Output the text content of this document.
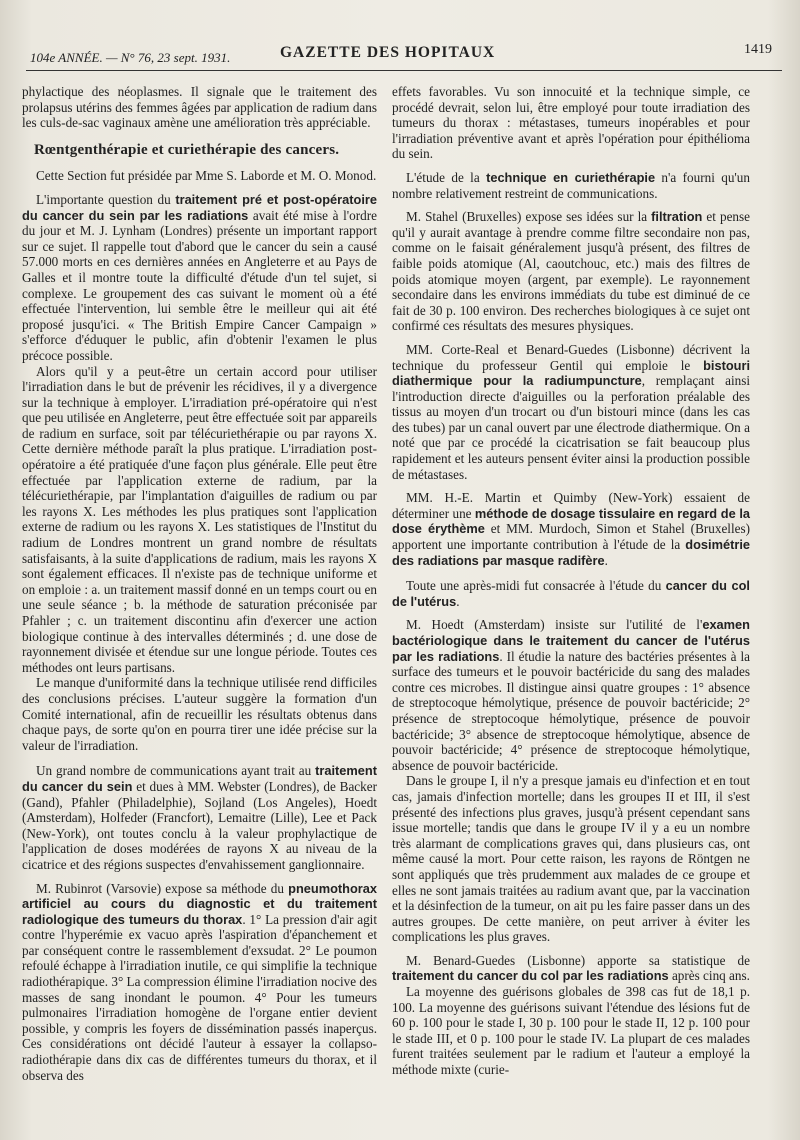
104e ANNÉE. — N° 76, 23 sept. 1931.	GAZETTE DES HOPITAUX	1419

phylactique des néoplasmes. Il signale que le traitement des prolapsus utérins des femmes âgées par application de radium dans les culs-de-sac vaginaux amène une amélioration très appréciable.

Rœntgenthérapie et curiethérapie des cancers.

Cette Section fut présidée par Mme S. Laborde et M. O. Monod.

L'importante question du traitement pré et post-opératoire du cancer du sein par les radiations avait été mise à l'ordre du jour et M. J. Lynham (Londres) présente un important rapport sur ce sujet. Il rappelle tout d'abord que le cancer du sein a causé 57.000 morts en ces dernières années en Angleterre et au Pays de Galles et il montre toute la difficulté d'étude d'un tel sujet, si complexe. Le groupement des cas suivant le moment où a été effectuée l'intervention, lui semble être le meilleur qui ait été proposé jusqu'ici. « The British Empire Cancer Campaign » s'efforce d'éduquer le public, afin d'obtenir l'examen le plus précoce possible.

Alors qu'il y a peut-être un certain accord pour utiliser l'irradiation dans le but de prévenir les récidives, il y a divergence sur la technique à employer. L'irradiation pré-opératoire qui n'est que peu utilisée en Angleterre, peut être effectuée soit par appareils de radium en surface, soit par télécuriethérapie ou par rayons X. Cette dernière méthode paraît la plus pratique. L'irradiation post-opératoire a été pratiquée d'une façon plus générale. Elle peut être effectuée par l'application externe de radium, par la télécuriethérapie, par l'implantation d'aiguilles de radium ou par les rayons X. Les méthodes les plus pratiques sont l'application externe de radium ou les rayons X. Les statistiques de l'Institut du radium de Londres montrent un grand nombre de résultats satisfaisants, à la suite d'applications de radium, mais les rayons X sont également efficaces. Il n'existe pas de technique uniforme et on emploie : a. un traitement massif donné en un temps court ou en une seule séance ; b. la méthode de saturation préconisée par Pfahler ; c. un traitement discontinu afin d'exercer une action biologique continue à des intervalles déterminés ; d. une dose de rayonnement divisée et étendue sur une longue période. Toutes ces méthodes ont leurs partisans.

Le manque d'uniformité dans la technique utilisée rend difficiles des conclusions précises. L'auteur suggère la formation d'un Comité international, afin de recueillir les résultats obtenus dans chaque pays, de sorte qu'on en pourra tirer une idée précise sur la valeur de l'irradiation.

Un grand nombre de communications ayant trait au traitement du cancer du sein et dues à MM. Webster (Londres), de Backer (Gand), Pfahler (Philadelphie), Sojland (Los Angeles), Hoedt (Amsterdam), Holfeder (Francfort), Lemaitre (Lille), Lee et Pack (New-York), ont toutes conclu à la valeur prophylactique de l'application de doses modérées de rayons X au niveau de la cicatrice et des régions suspectes d'envahissement ganglionnaire.

M. Rubinrot (Varsovie) expose sa méthode du pneumothorax artificiel au cours du diagnostic et du traitement radiologique des tumeurs du thorax. 1° La pression d'air agit contre l'hyperémie ex vacuo après l'aspiration d'épanchement et par conséquent contre le rassemblement d'exsudat. 2° Le poumon refoulé échappe à l'irradiation inutile, ce qui simplifie la technique radiothérapique. 3° La compression élimine l'irradiation nocive des masses de sang inondant le poumon. 4° Pour les tumeurs pulmonaires l'irradiation homogène de l'organe entier devient possible, y compris les foyers de dissémination passés inaperçus. Ces considérations ont décidé l'auteur à essayer la collapso-radiothérapie dans dix cas de différentes tumeurs du thorax, et il observa des

effets favorables. Vu son innocuité et la technique simple, ce procédé devrait, selon lui, être employé pour toute irradiation des tumeurs du thorax : métastases, tumeurs inopérables et pour l'irradiation préventive avant et après l'opération pour épithélioma du sein.

L'étude de la technique en curiethérapie n'a fourni qu'un nombre relativement restreint de communications.

M. Stahel (Bruxelles) expose ses idées sur la filtration et pense qu'il y aurait avantage à prendre comme filtre secondaire non pas, comme on le faisait généralement jusqu'à présent, des filtres de faible poids atomique (Al, caoutchouc, etc.) mais des filtres de poids atomique moyen (argent, par exemple). Le rayonnement secondaire dans les environs immédiats du tube est diminué de ce fait de 30 p. 100 environ. Des recherches biologiques à ce sujet ont confirmé ces résultats des mesures physiques.

MM. Corte-Real et Benard-Guedes (Lisbonne) décrivent la technique du professeur Gentil qui emploie le bistouri diathermique pour la radiumpuncture, remplaçant ainsi l'introduction directe d'aiguilles ou la perforation préalable des tissus au moyen d'un trocart ou d'un bistouri mince (dans les cas des tubes) par un canal ouvert par une électrode diathermique. On a noté que par ce procédé la cicatrisation se fait beaucoup plus rapidement et les auteurs pensent éviter ainsi la production possible de métastases.

MM. H.-E. Martin et Quimby (New-York) essaient de déterminer une méthode de dosage tissulaire en regard de la dose érythème et MM. Murdoch, Simon et Stahel (Bruxelles) apportent une importante contribution à l'étude de la dosimétrie des radiations par masque radifère.

Toute une après-midi fut consacrée à l'étude du cancer du col de l'utérus.

M. Hoedt (Amsterdam) insiste sur l'utilité de l'examen bactériologique dans le traitement du cancer de l'utérus par les radiations. Il étudie la nature des bactéries présentes à la surface des tumeurs et le pouvoir bactéricide du sang des malades contre ces microbes. Il distingue ainsi quatre groupes : 1° absence de streptocoque hémolytique, présence de pouvoir bactéricide; 2° présence de streptocoque hémolytique, présence de pouvoir bactéricide; 3° absence de streptocoque hémolytique, absence de pouvoir bactéricide; 4° présence de streptocoque hémolytique, absence de pouvoir bactéricide.

Dans le groupe I, il n'y a presque jamais eu d'infection et en tout cas, jamais d'infection mortelle; dans les groupes II et III, il s'est présenté des infections plus graves, jusqu'à présent cependant sans issue mortelle; tandis que dans le groupe IV il y a eu un nombre très alarmant de complications graves qui, dans plusieurs cas, ont même causé la mort. Pour cette raison, les rayons de Röntgen ne sont appliqués que très prudemment aux malades de ce groupe et elles ne sont jamais traitées au radium avant que, par la vaccination et la désinfection de la tumeur, on ait pu les faire passer dans un des autres groupes. De cette manière, on peut arriver à éviter les complications les plus graves.

M. Benard-Guedes (Lisbonne) apporte sa statistique de traitement du cancer du col par les radiations après cinq ans.

La moyenne des guérisons globales de 398 cas fut de 18,1 p. 100. La moyenne des guérisons suivant l'étendue des lésions fut de 60 p. 100 pour le stade I, 30 p. 100 pour le stade II, 12 p. 100 pour le stade III, et 0 p. 100 pour le stade IV. La plupart de ces malades furent traitées seulement par le radium et l'auteur a employé la méthode mixte (curie-
